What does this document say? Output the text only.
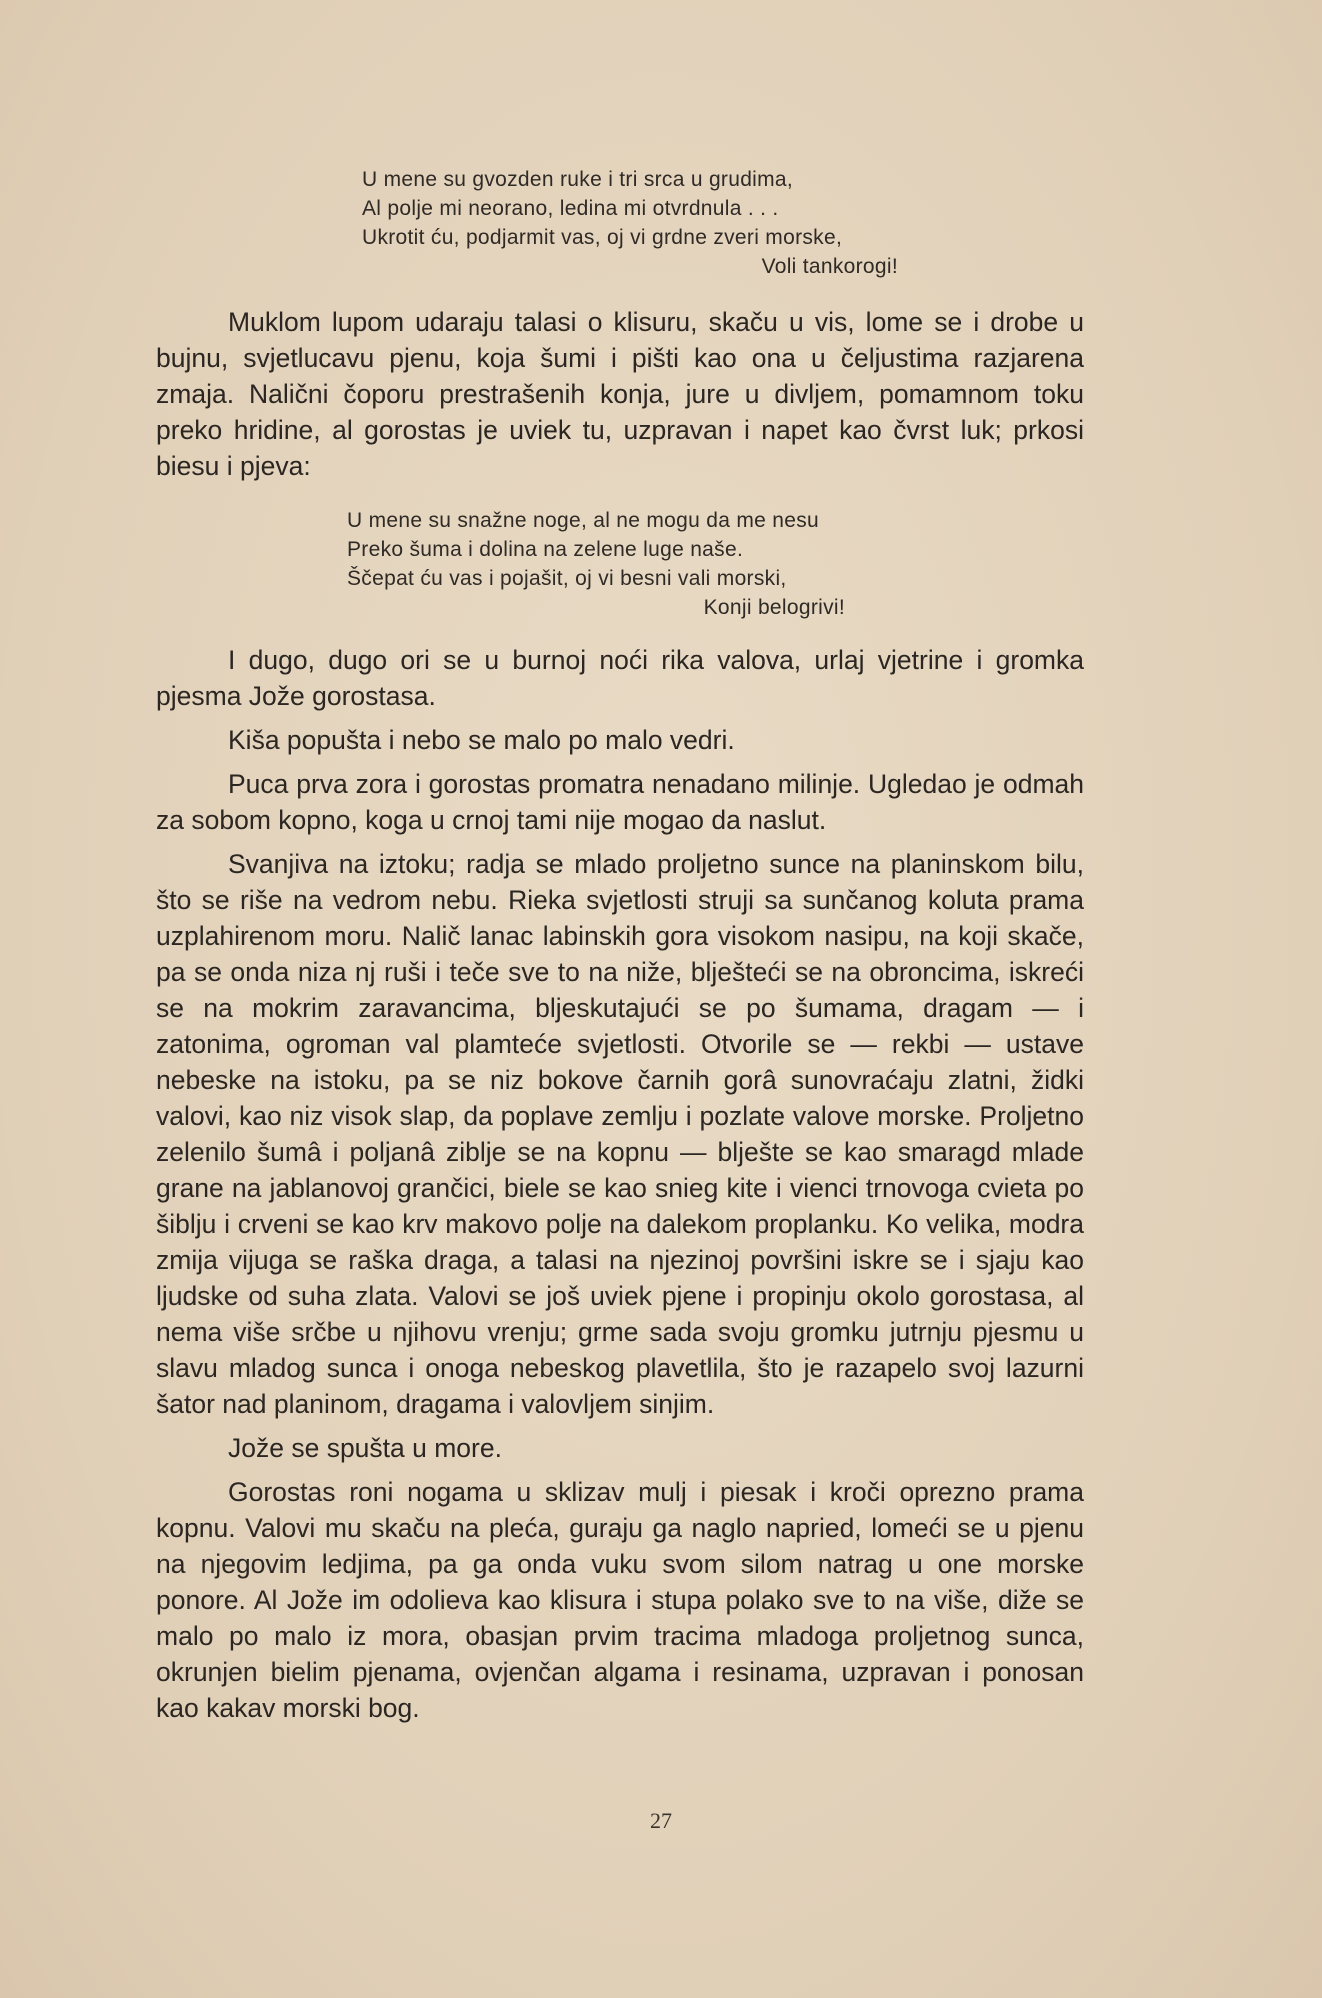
U mene su gvozden ruke i tri srca u grudima,
Al polje mi neorano, ledina mi otvrdnula . . .
Ukrotit ću, podjarmit vas, oj vi grdne zveri morske,
Voli tankorogi!

Muklom lupom udaraju talasi o klisuru, skaču u vis, lome se i drobe u bujnu, svjetlucavu pjenu, koja šumi i pišti kao ona u čeljustima razjarena zmaja. Nalični čoporu prestrašenih konja, jure u divljem, pomamnom toku preko hridine, al gorostas je uviek tu, uzpravan i napet kao čvrst luk; prkosi biesu i pjeva:

U mene su snažne noge, al ne mogu da me nesu
Preko šuma i dolina na zelene luge naše.
Ščepat ću vas i pojašit, oj vi besni vali morski,
Konji belogrivi!

I dugo, dugo ori se u burnoj noći rika valova, urlaj vjetrine i gromka pjesma Jože gorostasa.

Kiša popušta i nebo se malo po malo vedri.

Puca prva zora i gorostas promatra nenadano milinje. Ugledao je odmah za sobom kopno, koga u crnoj tami nije mogao da naslut.

Svanjiva na iztoku; radja se mlado proljetno sunce na planinskom bilu, što se riše na vedrom nebu. Rieka svjetlosti struji sa sunčanog koluta prama uzplahirenom moru. Nalič lanac labinskih gora visokom nasipu, na koji skače, pa se onda niza nj ruši i teče sve to na niže, blješteći se na obroncima, iskreći se na mokrim zaravancima, bljeskutajući se po šumama, dragam — i zatonima, ogroman val plamteće svjetlosti. Otvorile se — rekbi — ustave nebeske na istoku, pa se niz bokove čarnih gorâ sunovraćaju zlatni, židki valovi, kao niz visok slap, da poplave zemlju i pozlate valove morske. Proljetno zelenilo šumâ i poljanâ ziblje se na kopnu — blješte se kao smaragd mlade grane na jablanovoj grančici, biele se kao snieg kite i vienci trnovoga cvieta po šiblju i crveni se kao krv makovo polje na dalekom proplanku. Ko velika, modra zmija vijuga se raška draga, a talasi na njezinoj površini iskre se i sjaju kao ljudske od suha zlata. Valovi se još uviek pjene i propinju okolo gorostasa, al nema više srčbe u njihovu vrenju; grme sada svoju gromku jutrnju pjesmu u slavu mladog sunca i onoga nebeskog plavetlila, što je razapelo svoj lazurni šator nad planinom, dragama i valovljem sinjim.

Jože se spušta u more.

Gorostas roni nogama u sklizav mulj i piesak i kroči oprezno prama kopnu. Valovi mu skaču na pleća, guraju ga naglo napried, lomeći se u pjenu na njegovim ledjima, pa ga onda vuku svom silom natrag u one morske ponore. Al Jože im odolieva kao klisura i stupa polako sve to na više, diže se malo po malo iz mora, obasjan prvim tracima mladoga proljetnog sunca, okrunjen bielim pjenama, ovjenčan algama i resinama, uzpravan i ponosan kao kakav morski bog.

27
